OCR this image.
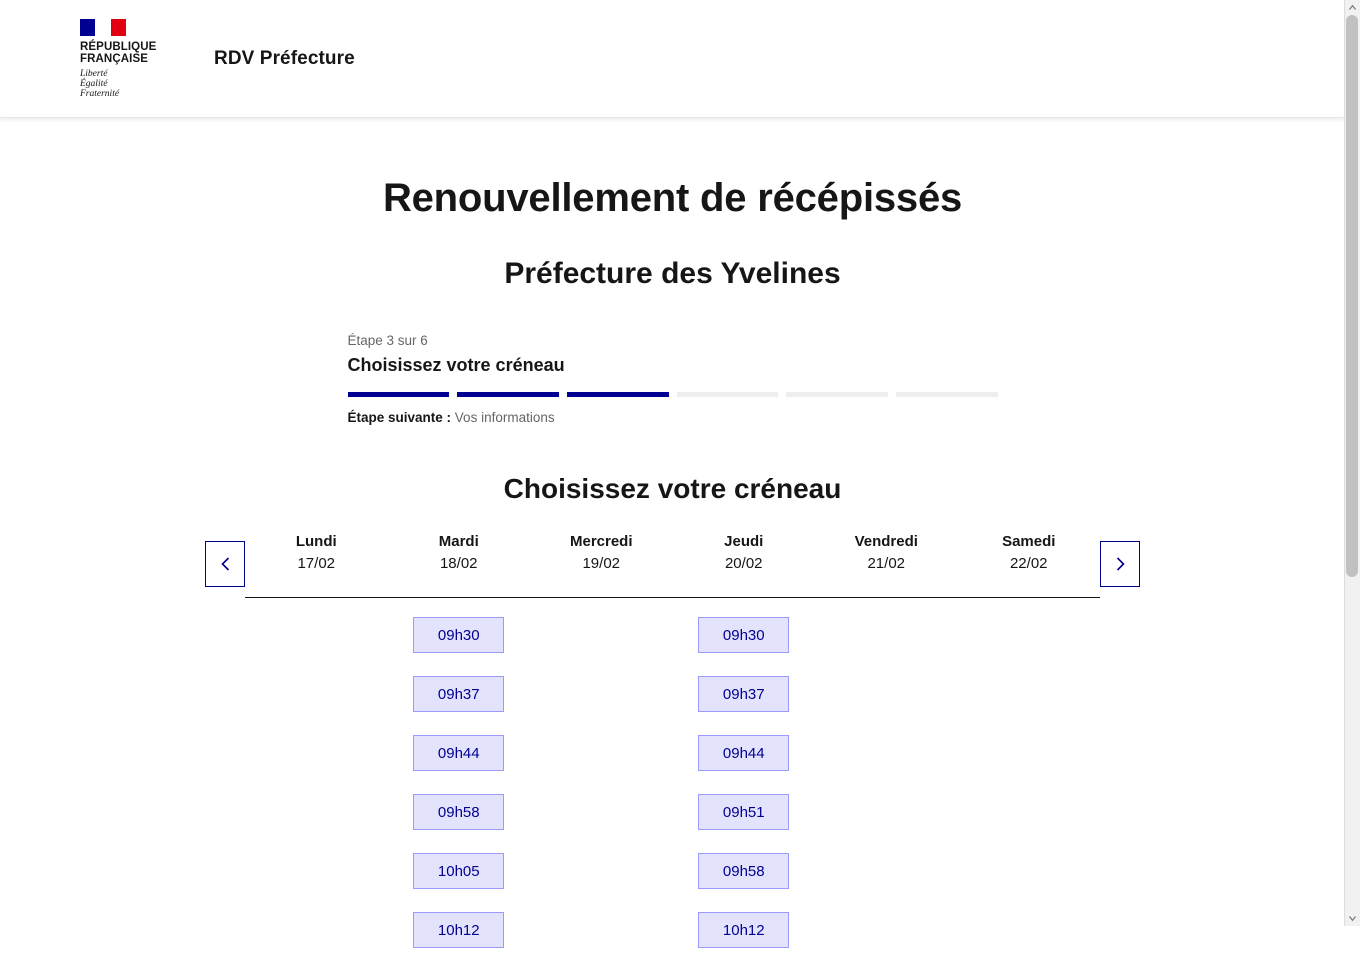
RÉPUBLIQUE
FRANÇAISE
Liberté
Égalité
Fraternité
RDV Préfecture
Renouvellement de récépissés
Préfecture des Yvelines
Étape 3 sur 6
Choisissez votre créneau
Étape suivante : Vos informations
Choisissez votre créneau
Lundi
17/02
Mardi
18/02
09h30
09h37
09h44
09h58
10h05
10h12
Mercredi
19/02
Jeudi
20/02
09h30
09h37
09h44
09h51
09h58
10h12
Vendredi
21/02
Samedi
22/02
